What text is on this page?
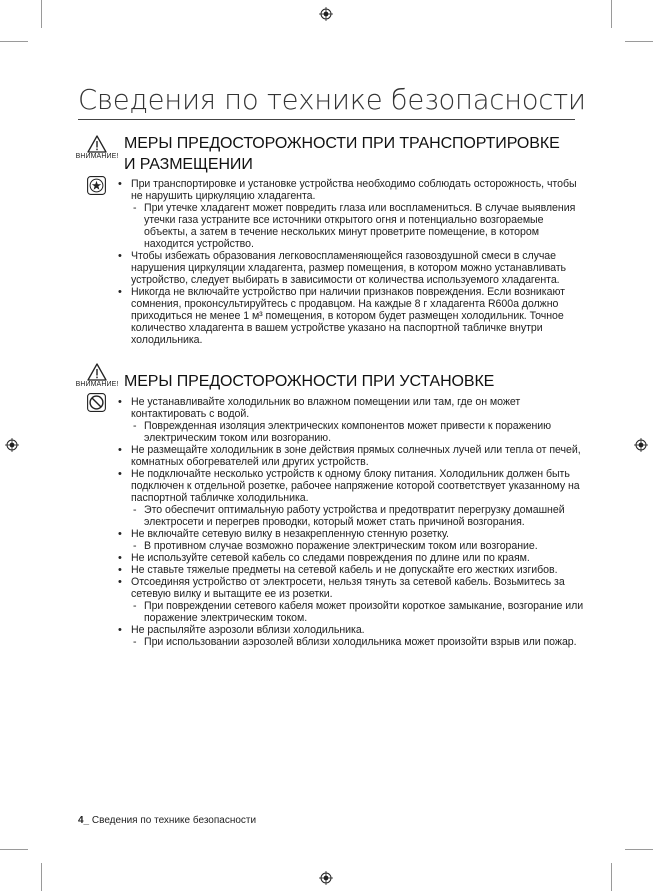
Сведения по технике безопасности
ВНИМАНИЕ!
МЕРЫ ПРЕДОСТОРОЖНОСТИ ПРИ ТРАНСПОРТИРОВКЕ
И РАЗМЕЩЕНИИ
• При транспортировке и установке устройства необходимо соблюдать осторожность, чтобы не нарушить циркуляцию хладагента.
- При утечке хладагент может повредить глаза или воспламениться. В случае выявления утечки газа устраните все источники открытого огня и потенциально возгораемые объекты, а затем в течение нескольких минут проветрите помещение, в котором находится устройство.
• Чтобы избежать образования легковоспламеняющейся газовоздушной смеси в случае нарушения циркуляции хладагента, размер помещения, в котором можно устанавливать устройство, следует выбирать в зависимости от количества используемого хладагента.
• Никогда не включайте устройство при наличии признаков повреждения. Если возникают сомнения, проконсультируйтесь с продавцом. На каждые 8 г хладагента R600a должно приходиться не менее 1 м³ помещения, в котором будет размещен холодильник. Точное количество хладагента в вашем устройстве указано на паспортной табличке внутри холодильника.
ВНИМАНИЕ! МЕРЫ ПРЕДОСТОРОЖНОСТИ ПРИ УСТАНОВКЕ
• Не устанавливайте холодильник во влажном помещении или там, где он может контактировать с водой.
- Поврежденная изоляция электрических компонентов может привести к поражению электрическим током или возгоранию.
• Не размещайте холодильник в зоне действия прямых солнечных лучей или тепла от печей, комнатных обогревателей или других устройств.
• Не подключайте несколько устройств к одному блоку питания. Холодильник должен быть подключен к отдельной розетке, рабочее напряжение которой соответствует указанному на паспортной табличке холодильника.
- Это обеспечит оптимальную работу устройства и предотвратит перегрузку домашней электросети и перегрев проводки, который может стать причиной возгорания.
• Не включайте сетевую вилку в незакрепленную стенную розетку.
- В противном случае возможно поражение электрическим током или возгорание.
• Не используйте сетевой кабель со следами повреждения по длине или по краям.
• Не ставьте тяжелые предметы на сетевой кабель и не допускайте его жестких изгибов.
• Отсоединяя устройство от электросети, нельзя тянуть за сетевой кабель. Возьмитесь за сетевую вилку и вытащите ее из розетки.
- При повреждении сетевого кабеля может произойти короткое замыкание, возгорание или поражение электрическим током.
• Не распыляйте аэрозоли вблизи холодильника.
- При использовании аэрозолей вблизи холодильника может произойти взрыв или пожар.
4_ Сведения по технике безопасности
